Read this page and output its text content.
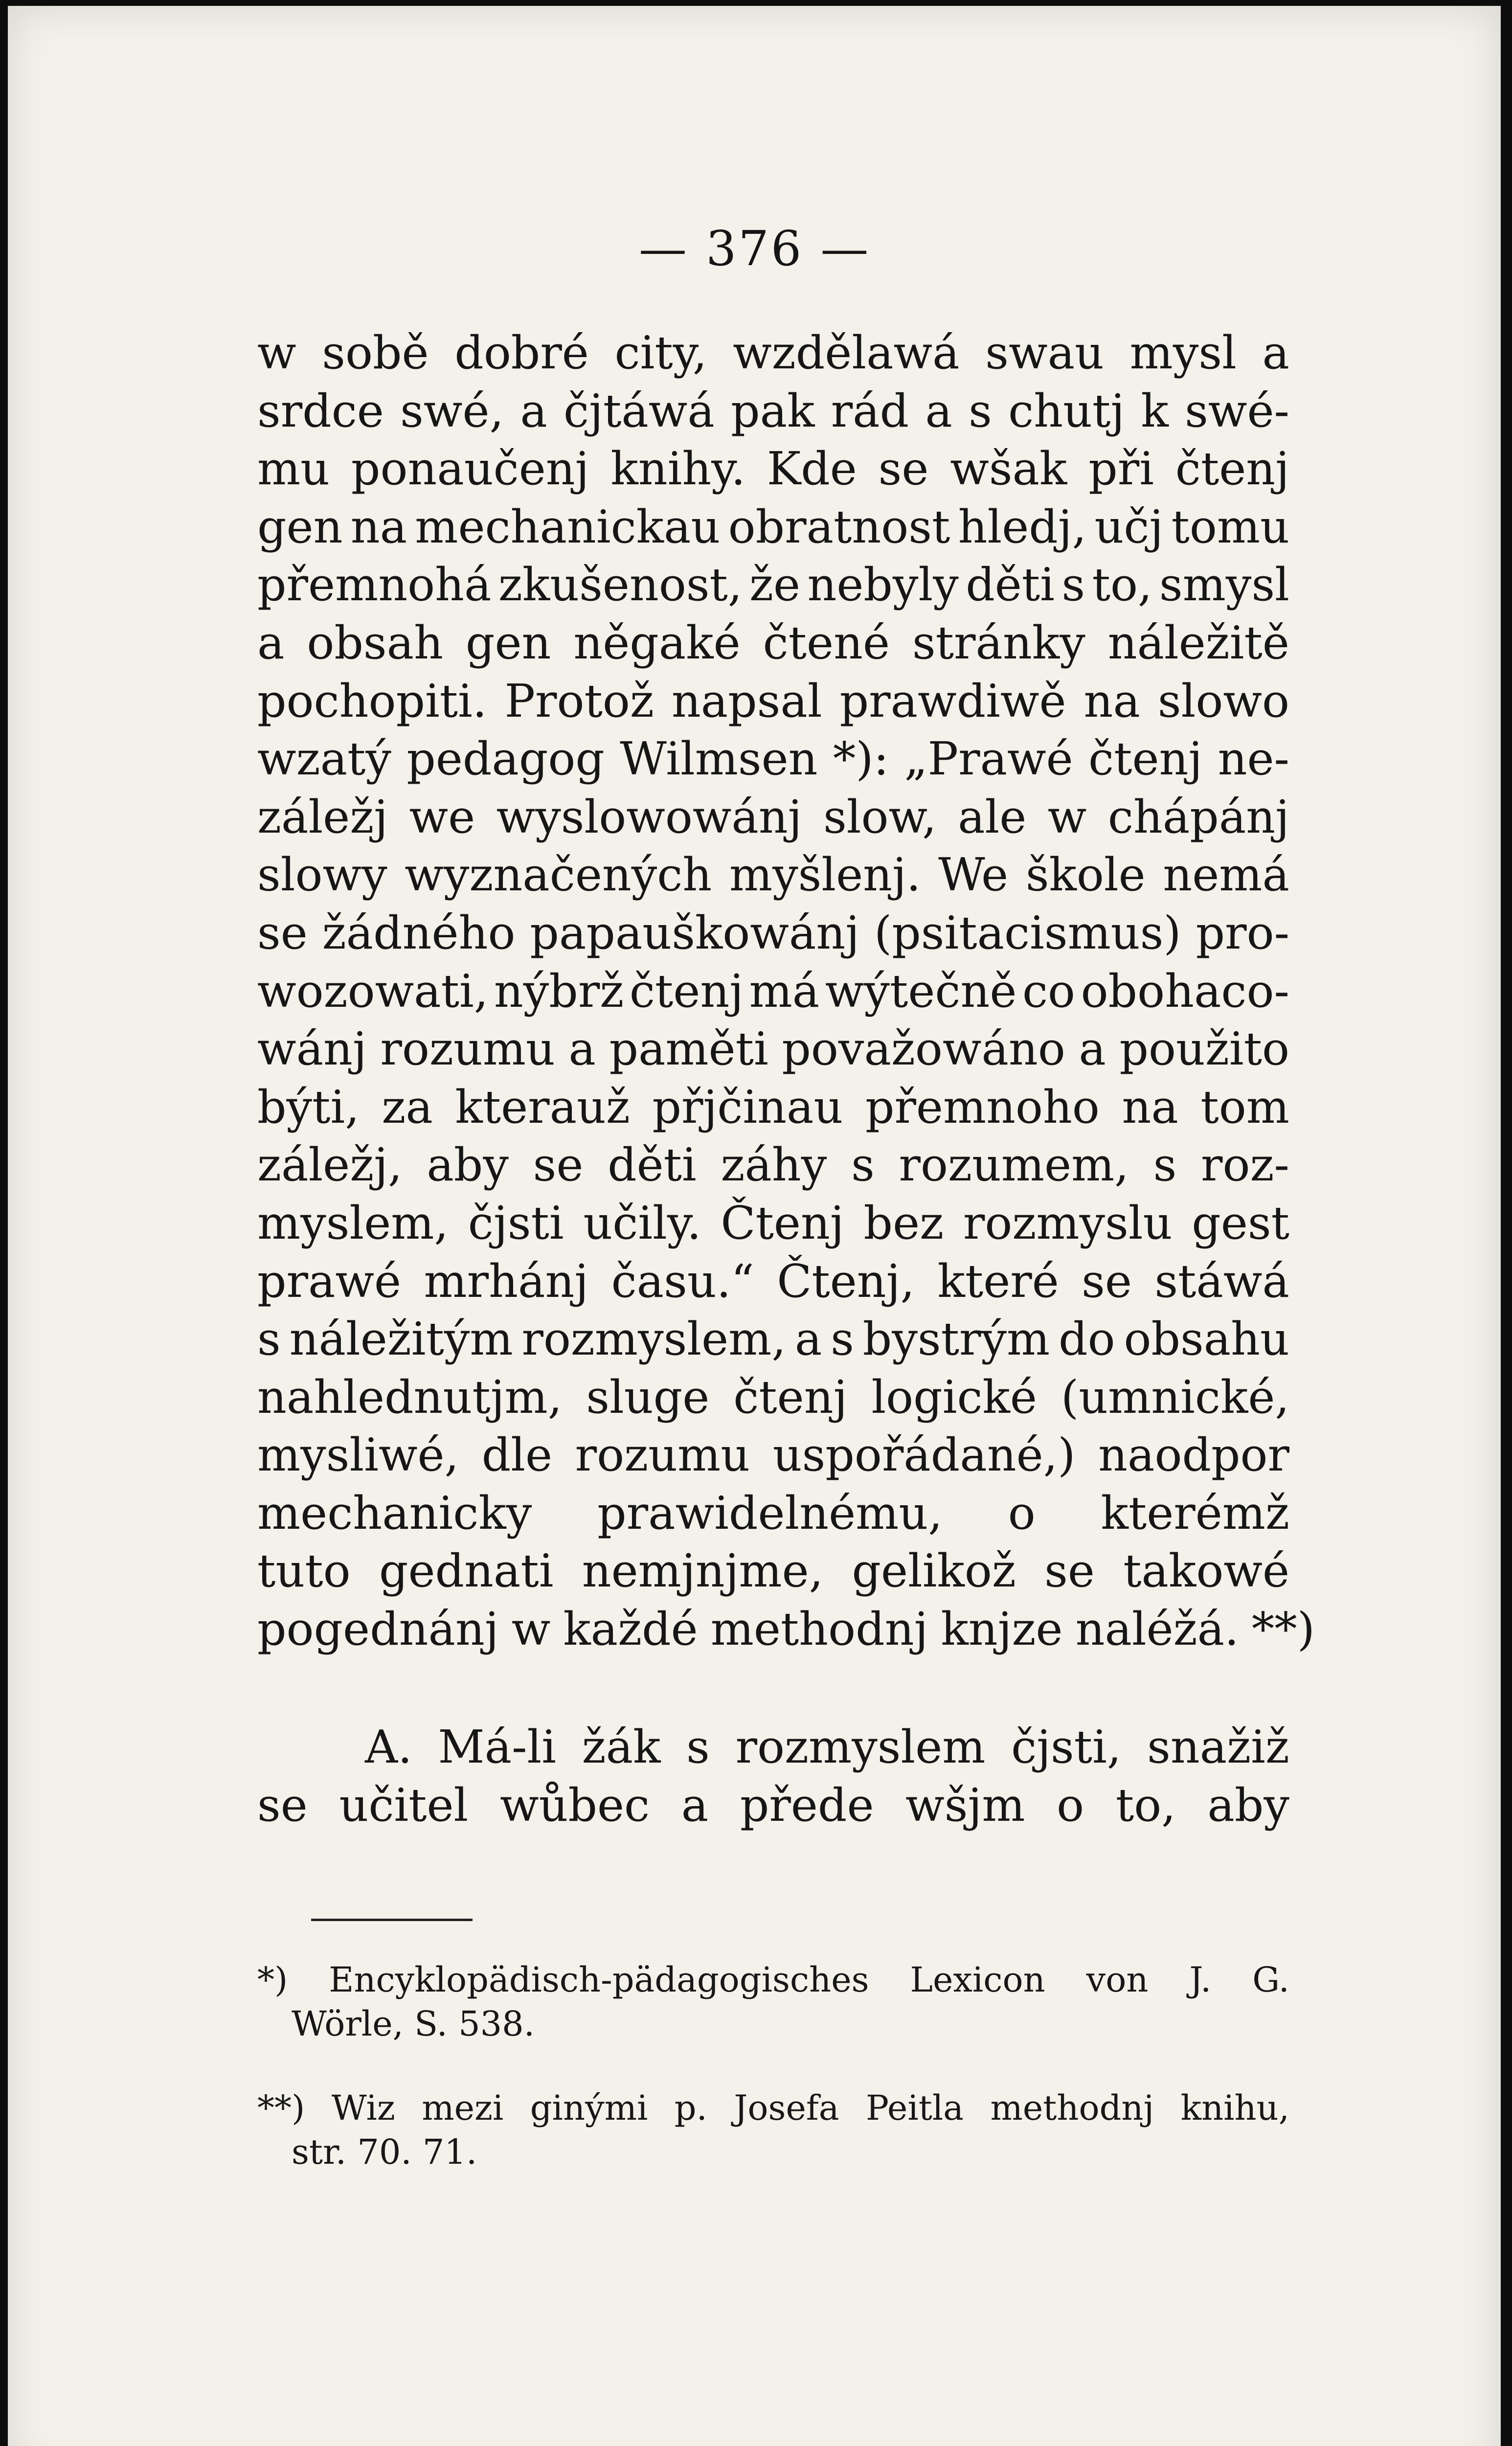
— 376 —
w sobě dobré city, wzdělawá swau mysl a
srdce swé, a čjtáwá pak rád a s chutj k swé-
mu ponaučenj knihy. Kde se wšak při čtenj
gen na mechanickau obratnost hledj, učj tomu
přemnohá zkušenost, že nebyly děti s to, smysl
a obsah gen něgaké čtené stránky náležitě
pochopiti. Protož napsal prawdiwě na slowo
wzatý pedagog Wilmsen *): „Prawé čtenj ne-
záležj we wyslowowánj slow, ale w chápánj
slowy wyznačených myšlenj. We škole nemá
se žádného papauškowánj (psitacismus) pro-
wozowati, nýbrž čtenj má wýtečně co obohaco-
wánj rozumu a paměti považowáno a použito
býti, za kterauž přjčinau přemnoho na tom
záležj, aby se děti záhy s rozumem, s roz-
myslem, čjsti učily. Čtenj bez rozmyslu gest
prawé mrhánj času.“ Čtenj, které se stáwá
s náležitým rozmyslem, a s bystrým do obsahu
nahlednutjm, sluge čtenj logické (umnické,
mysliwé, dle rozumu uspořádané,) naodpor
mechanicky prawidelnému, o kterémž
tuto gednati nemjnjme, gelikož se takowé
pogednánj w každé methodnj knjze naléžá. **)
A. Má-li žák s rozmyslem čjsti, snažiž
se učitel wůbec a přede wšjm o to, aby
*) Encyklopädisch-pädagogisches Lexicon von J. G.
Wörle, S. 538.
**) Wiz mezi ginými p. Josefa Peitla methodnj knihu,
str. 70. 71.
